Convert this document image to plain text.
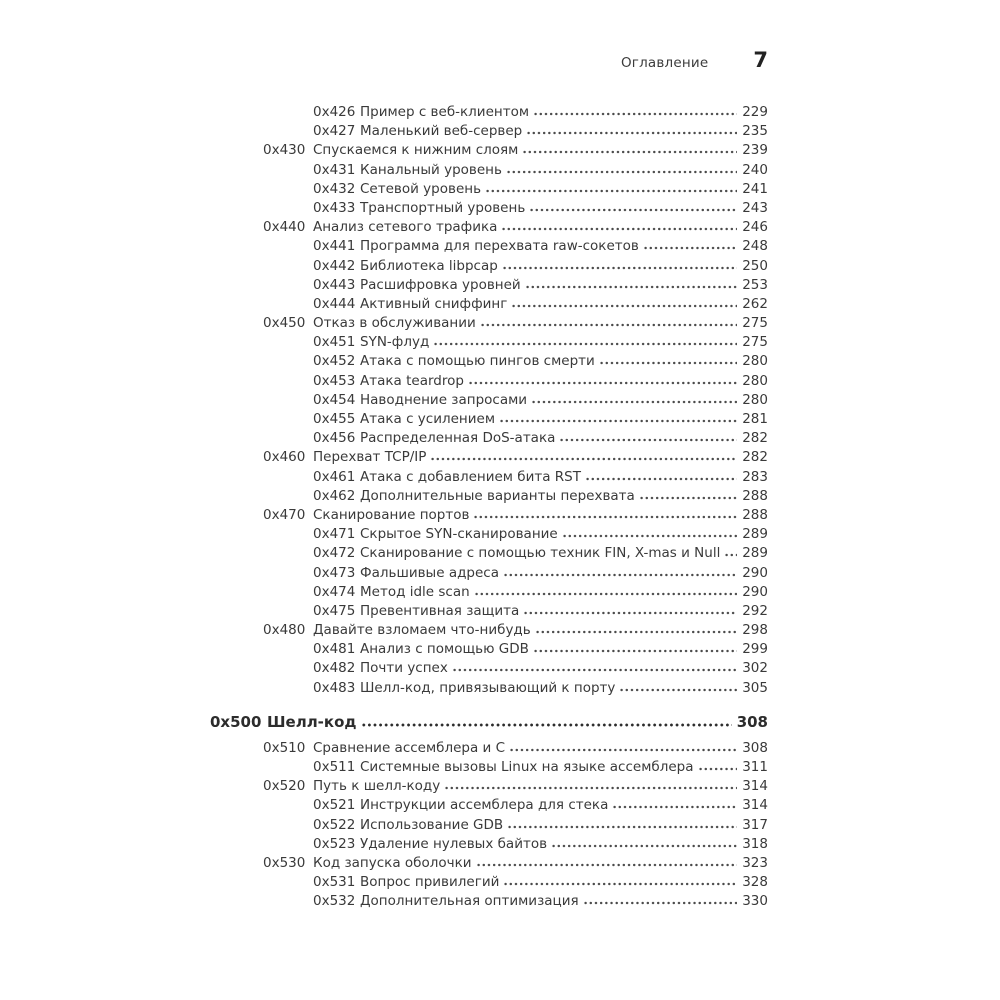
Оглавление 7
0x426 Пример с веб-клиентом	229
0x427 Маленький веб-сервер	235
0x430 Спускаемся к нижним слоям	239
0x431 Канальный уровень	240
0x432 Сетевой уровень	241
0x433 Транспортный уровень	243
0x440 Анализ сетевого трафика	246
0x441 Программа для перехвата raw-сокетов	248
0x442 Библиотека libpcap	250
0x443 Расшифровка уровней	253
0x444 Активный сниффинг	262
0x450 Отказ в обслуживании	275
0x451 SYN-флуд	275
0x452 Атака с помощью пингов смерти	280
0x453 Атака teardrop	280
0x454 Наводнение запросами	280
0x455 Атака с усилением	281
0x456 Распределенная DoS-атака	282
0x460 Перехват TCP/IP	282
0x461 Атака с добавлением бита RST	283
0x462 Дополнительные варианты перехвата	288
0x470 Сканирование портов	288
0x471 Скрытое SYN-сканирование	289
0x472 Сканирование с помощью техник FIN, X-mas и Null 289
0x473 Фальшивые адреса	290
0x474 Метод idle scan	290
0x475 Превентивная защита	292
0x480 Давайте взломаем что-нибудь	298
0x481 Анализ с помощью GDB	299
0x482 Почти успех	302
0x483 Шелл-код, привязывающий к порту	305
0x500 Шелл-код	308
0x510 Сравнение ассемблера и C	308
0x511 Системные вызовы Linux на языке ассемблера	311
0x520 Путь к шелл-коду	314
0x521 Инструкции ассемблера для стека	314
0x522 Использование GDB	317
0x523 Удаление нулевых байтов	318
0x530 Код запуска оболочки	323
0x531 Вопрос привилегий	328
0x532 Дополнительная оптимизация	330
